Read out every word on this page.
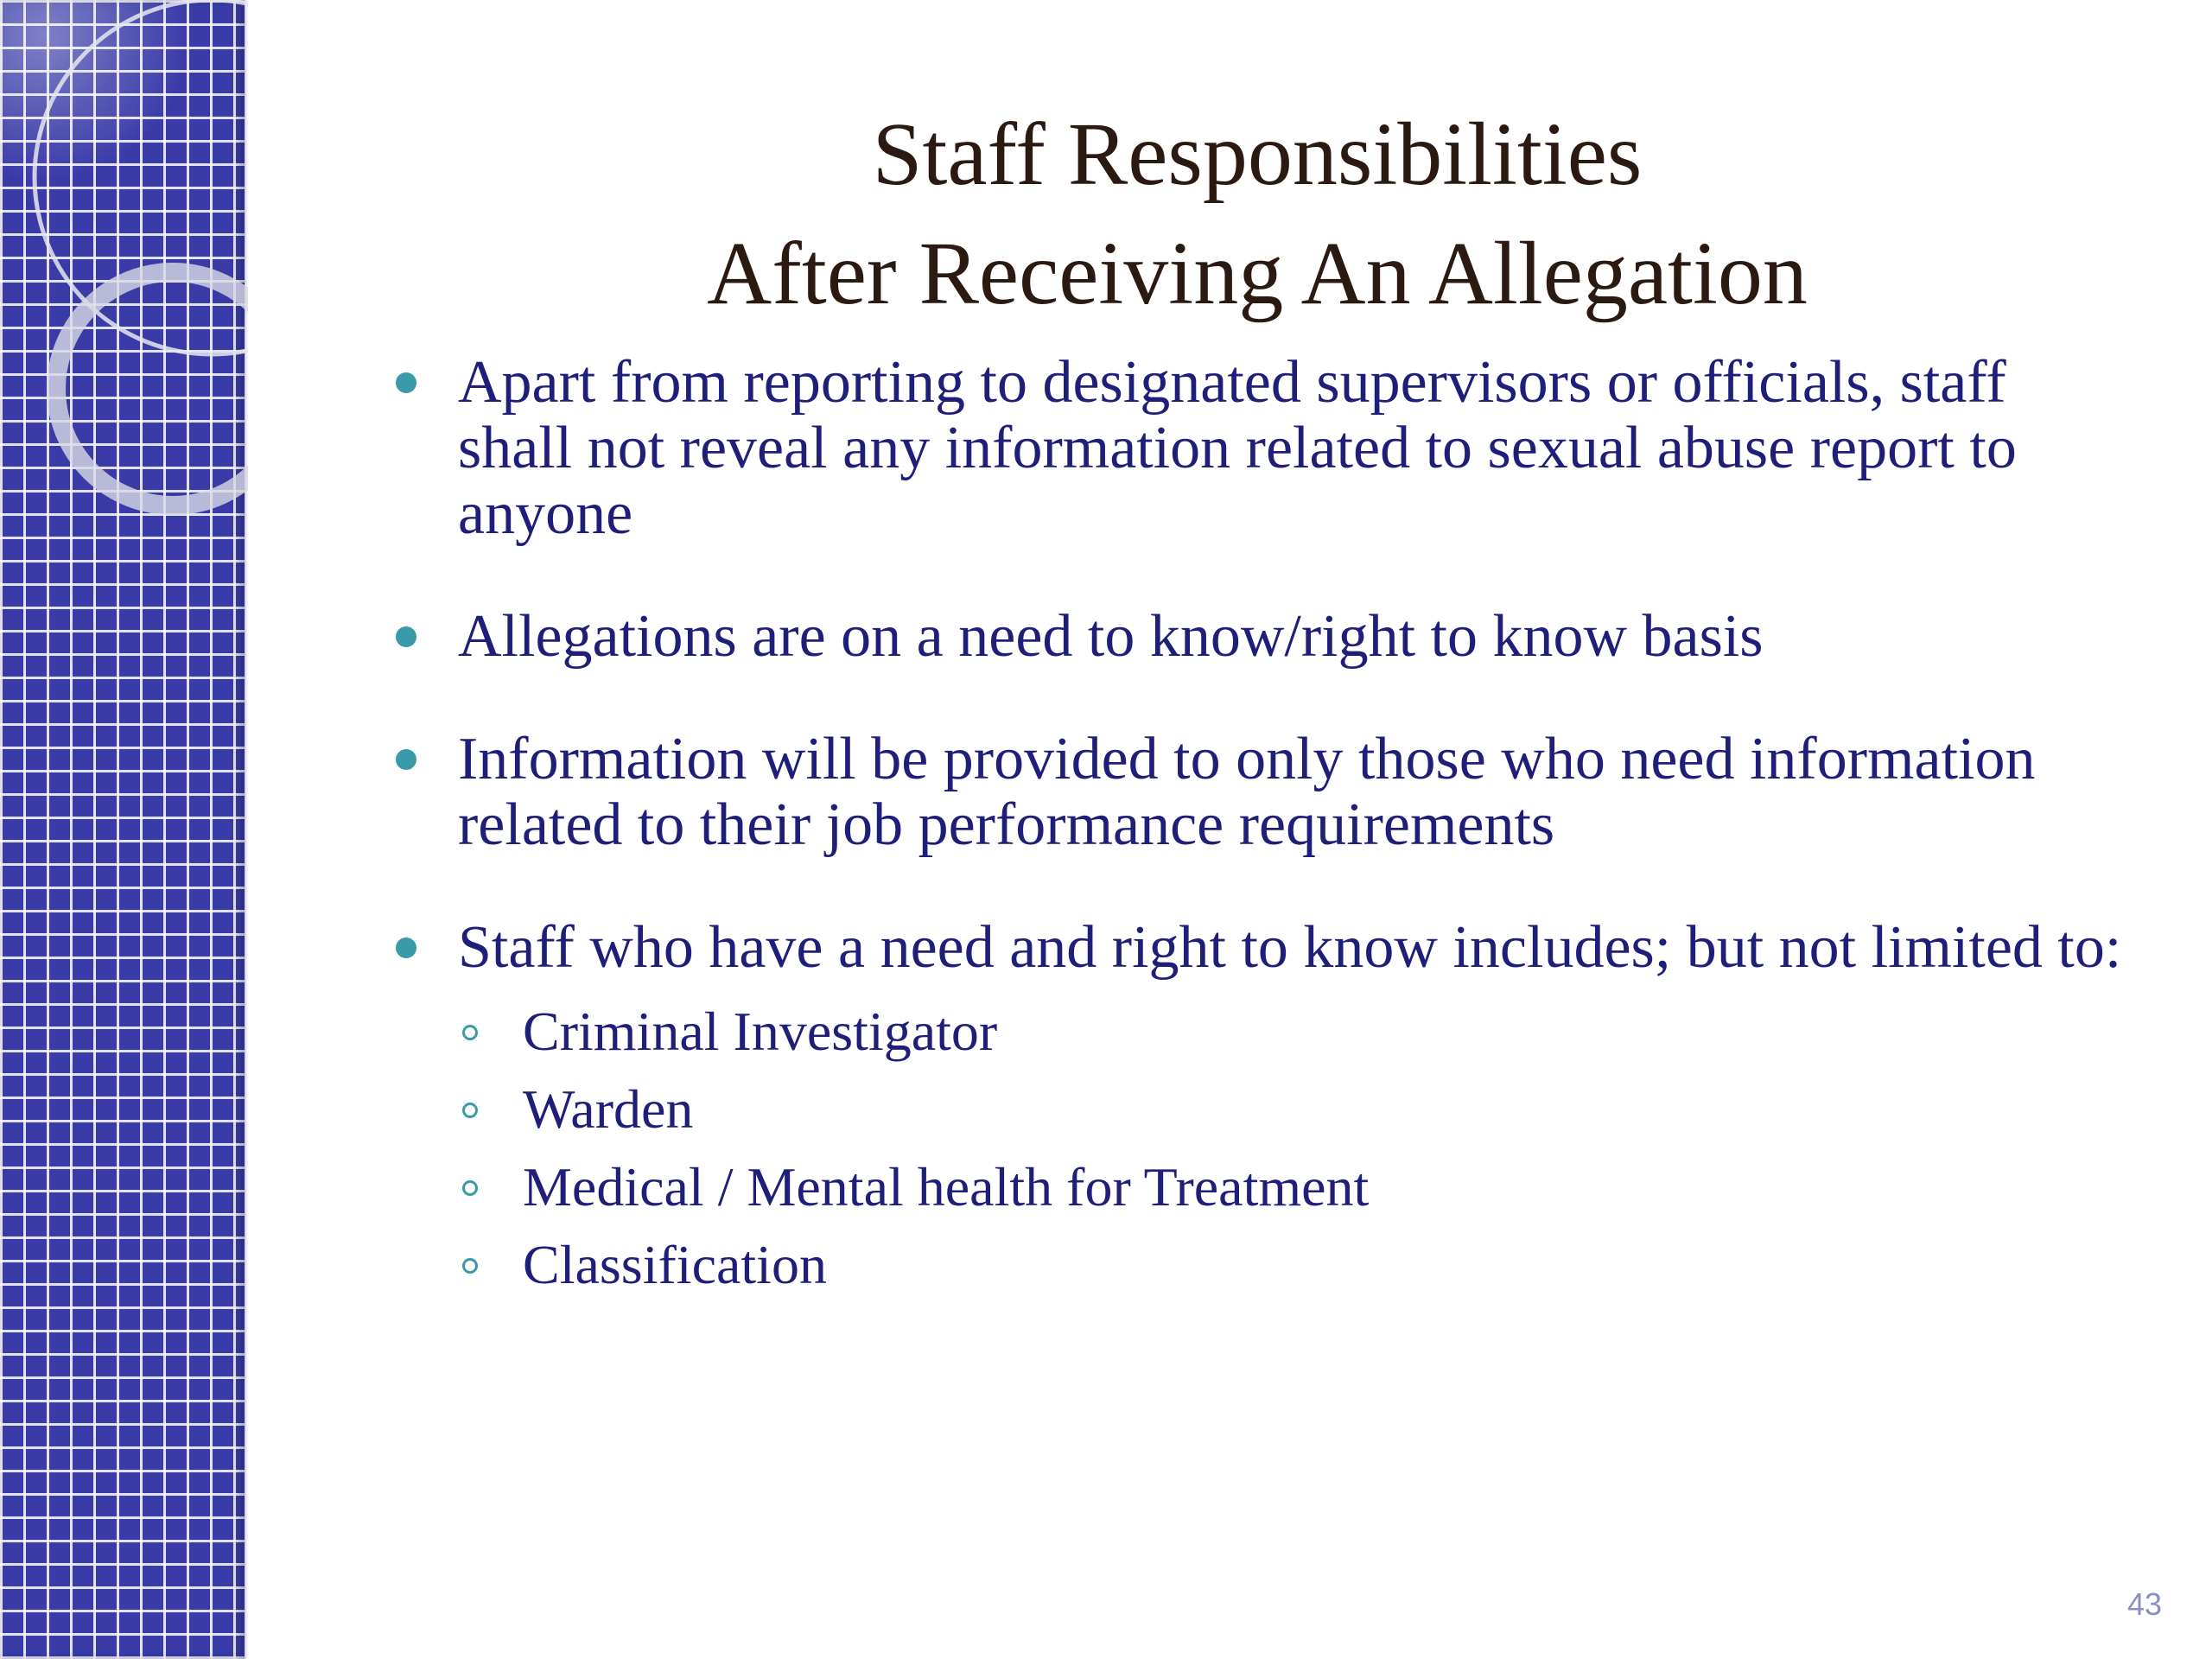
Staff Responsibilities
After Receiving An Allegation
Apart from reporting to designated supervisors or officials, staff shall not reveal any information related to sexual abuse report to anyone
Allegations are on a need to know/right to know basis
Information will be provided to only those who need information related to their job performance requirements
Staff who have a need and right to know includes; but not limited to:
Criminal Investigator
Warden
Medical / Mental health for Treatment
Classification
43
